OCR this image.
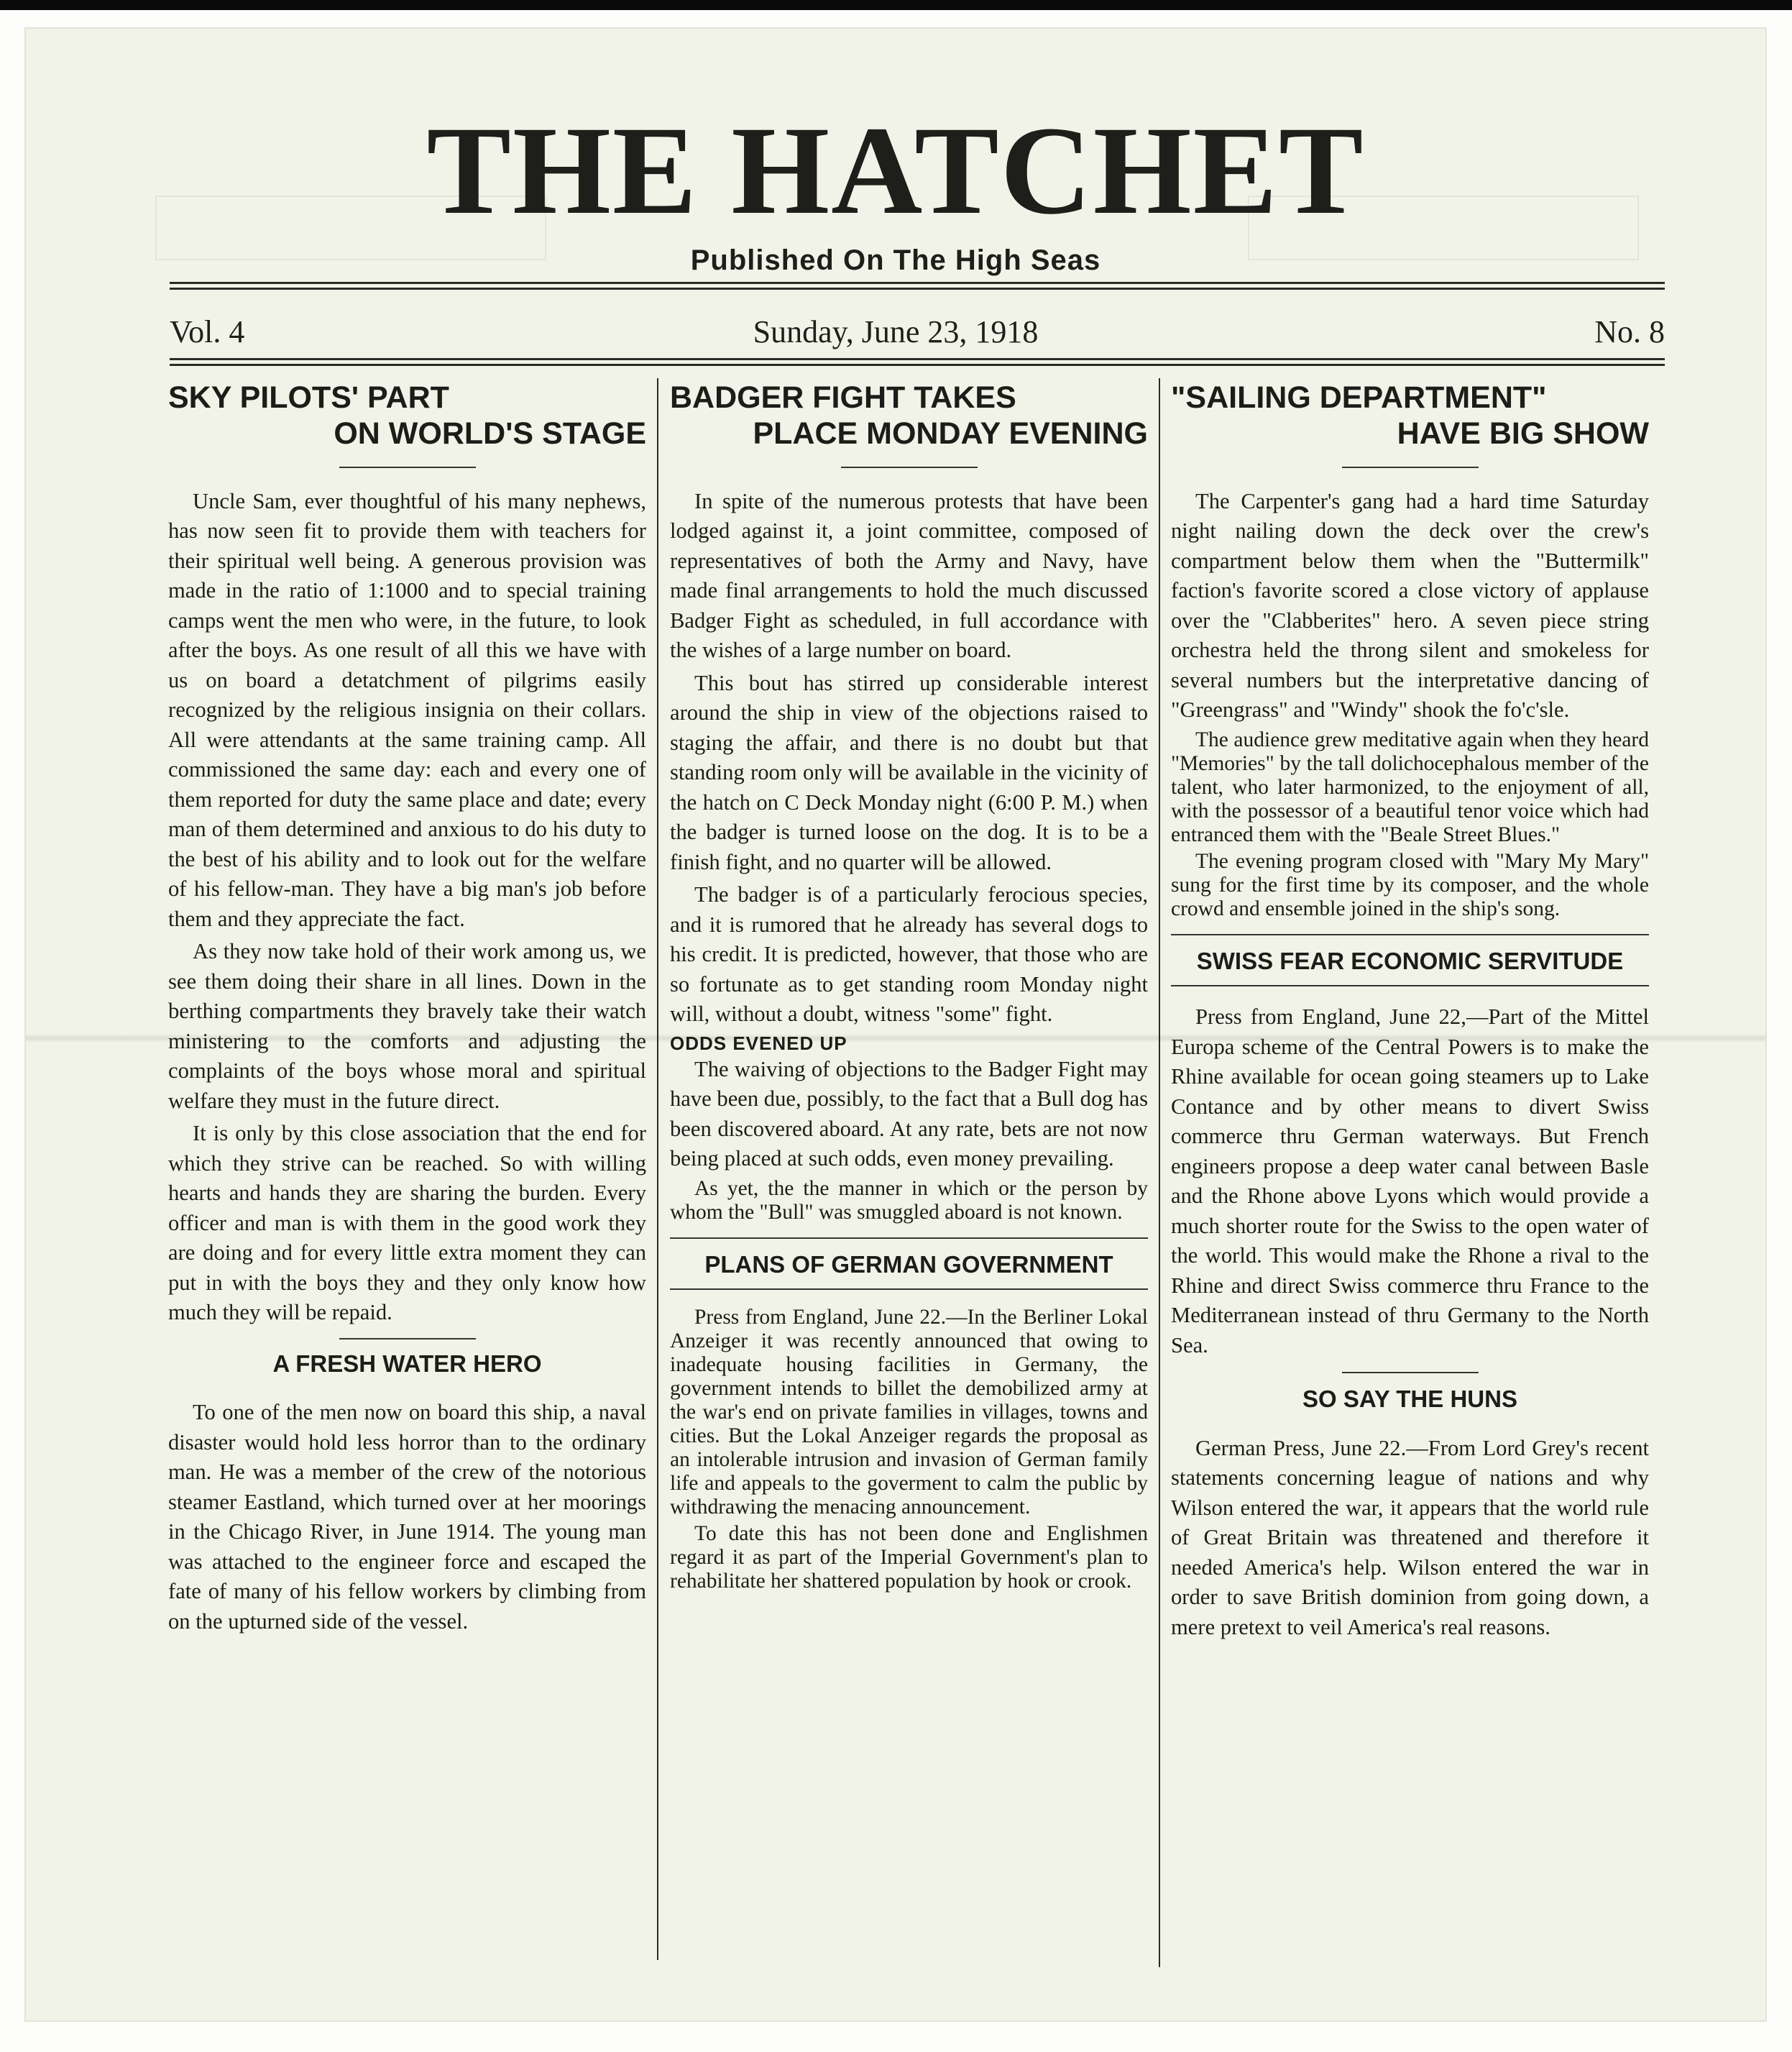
THE HATCHET
Published On The High Seas
Vol. 4	Sunday, June 23, 1918	No. 8
SKY PILOTS' PART
ON WORLD'S STAGE

Uncle Sam, ever thoughtful of his many nephews, has now seen fit to provide them with teachers for their spiritual well being. A generous provision was made in the ratio of 1:1000 and to special training camps went the men who were, in the future, to look after the boys. As one result of all this we have with us on board a detatchment of pilgrims easily recognized by the religious insignia on their collars. All were attendants at the same training camp. All commissioned the same day: each and every one of them reported for duty the same place and date; every man of them determined and anxious to do his duty to the best of his ability and to look out for the welfare of his fellow-man. They have a big man's job before them and they appreciate the fact.

As they now take hold of their work among us, we see them doing their share in all lines. Down in the berthing compartments they bravely take their watch ministering to the comforts and adjusting the complaints of the boys whose moral and spiritual welfare they must in the future direct.

It is only by this close association that the end for which they strive can be reached. So with willing hearts and hands they are sharing the burden. Every officer and man is with them in the good work they are doing and for every little extra moment they can put in with the boys they and they only know how much they will be repaid.

A FRESH WATER HERO

To one of the men now on board this ship, a naval disaster would hold less horror than to the ordinary man. He was a member of the crew of the notorious steamer Eastland, which turned over at her moorings in the Chicago River, in June 1914. The young man was attached to the engineer force and escaped the fate of many of his fellow workers by climbing from on the upturned side of the vessel.

BADGER FIGHT TAKES
PLACE MONDAY EVENING

In spite of the numerous protests that have been lodged against it, a joint committee, composed of representatives of both the Army and Navy, have made final arrangements to hold the much discussed Badger Fight as scheduled, in full accordance with the wishes of a large number on board.

This bout has stirred up considerable interest around the ship in view of the objections raised to staging the affair, and there is no doubt but that standing room only will be available in the vicinity of the hatch on C Deck Monday night (6:00 P. M.) when the badger is turned loose on the dog. It is to be a finish fight, and no quarter will be allowed.

The badger is of a particularly ferocious species, and it is rumored that he already has several dogs to his credit. It is predicted, however, that those who are so fortunate as to get standing room Monday night will, without a doubt, witness "some" fight.

ODDS EVENED UP

The waiving of objections to the Badger Fight may have been due, possibly, to the fact that a Bull dog has been discovered aboard. At any rate, bets are not now being placed at such odds, even money prevailing.

As yet, the the manner in which or the person by whom the "Bull" was smuggled aboard is not known.

PLANS OF GERMAN GOVERNMENT

Press from England, June 22.—In the Berliner Lokal Anzeiger it was recently announced that owing to inadequate housing facilities in Germany, the government intends to billet the demobilized army at the war's end on private families in villages, towns and cities. But the Lokal Anzeiger regards the proposal as an intolerable intrusion and invasion of German family life and appeals to the goverment to calm the public by withdrawing the menacing announcement.

To date this has not been done and Englishmen regard it as part of the Imperial Government's plan to rehabilitate her shattered population by hook or crook.

"SAILING DEPARTMENT"
HAVE BIG SHOW

The Carpenter's gang had a hard time Saturday night nailing down the deck over the crew's compartment below them when the "Buttermilk" faction's favorite scored a close victory of applause over the "Clabberites" hero. A seven piece string orchestra held the throng silent and smokeless for several numbers but the interpretative dancing of "Greengrass" and "Windy" shook the fo'c'sle.

The audience grew meditative again when they heard "Memories" by the tall dolichocephalous member of the talent, who later harmonized, to the enjoyment of all, with the possessor of a beautiful tenor voice which had entranced them with the "Beale Street Blues."

The evening program closed with "Mary My Mary" sung for the first time by its composer, and the whole crowd and ensemble joined in the ship's song.

SWISS FEAR ECONOMIC SERVITUDE

Press from England, June 22,—Part of the Mittel Europa scheme of the Central Powers is to make the Rhine available for ocean going steamers up to Lake Contance and by other means to divert Swiss commerce thru German waterways. But French engineers propose a deep water canal between Basle and the Rhone above Lyons which would provide a much shorter route for the Swiss to the open water of the world. This would make the Rhone a rival to the Rhine and direct Swiss commerce thru France to the Mediterranean instead of thru Germany to the North Sea.

SO SAY THE HUNS

German Press, June 22.—From Lord Grey's recent statements concerning league of nations and why Wilson entered the war, it appears that the world rule of Great Britain was threatened and therefore it needed America's help. Wilson entered the war in order to save British dominion from going down, a mere pretext to veil America's real reasons.
